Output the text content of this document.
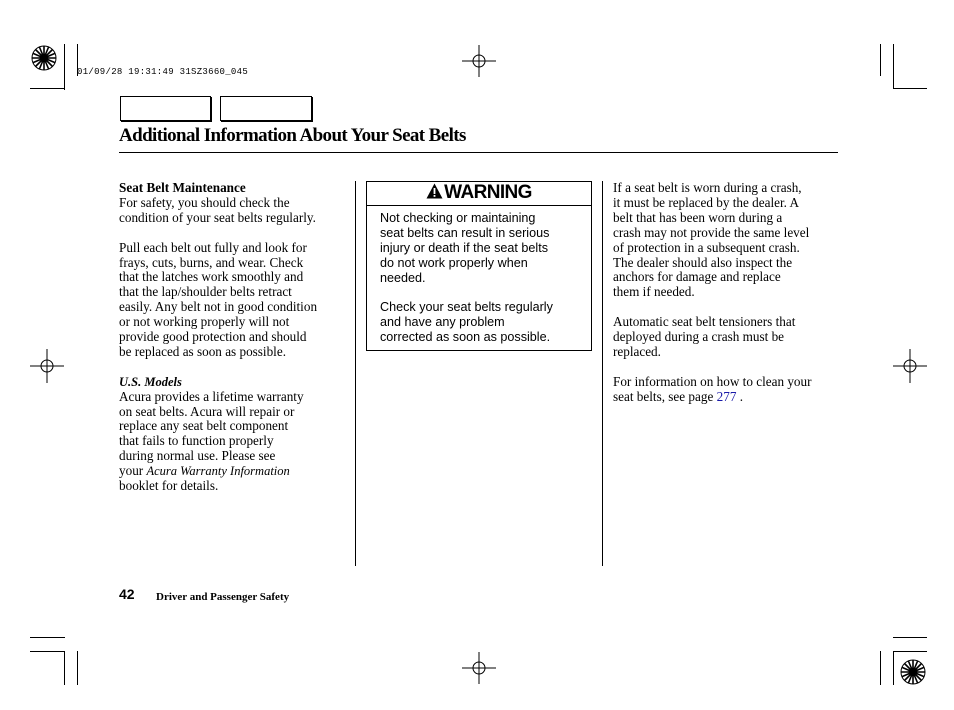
01/09/28 19:31:49 31SZ3660_045
Additional Information About Your Seat Belts

Seat Belt Maintenance

For safety, you should check the

condition of your seat belts regularly.

Pull each belt out fully and look for

frays, cuts, burns, and wear. Check

that the latches work smoothly and

that the lap/shoulder belts retract

easily. Any belt not in good condition

or not working properly will not

provide good protection and should

be replaced as soon as possible.

U.S. Models

Acura provides a lifetime warranty

on seat belts. Acura will repair or

replace any seat belt component

that fails to function properly

during normal use. Please see

your Acura Warranty Information

booklet for details.

WARNING

Not checking or maintaining

seat belts can result in serious

injury or death if the seat belts

do not work properly when

needed.

Check your seat belts regularly

and have any problem

corrected as soon as possible.

If a seat belt is worn during a crash,

it must be replaced by the dealer. A

belt that has been worn during a

crash may not provide the same level

of protection in a subsequent crash.

The dealer should also inspect the

anchors for damage and replace

them if needed.

Automatic seat belt tensioners that

deployed during a crash must be

replaced.

For information on how to clean your

seat belts, see page 277 .

42 Driver and Passenger Safety
